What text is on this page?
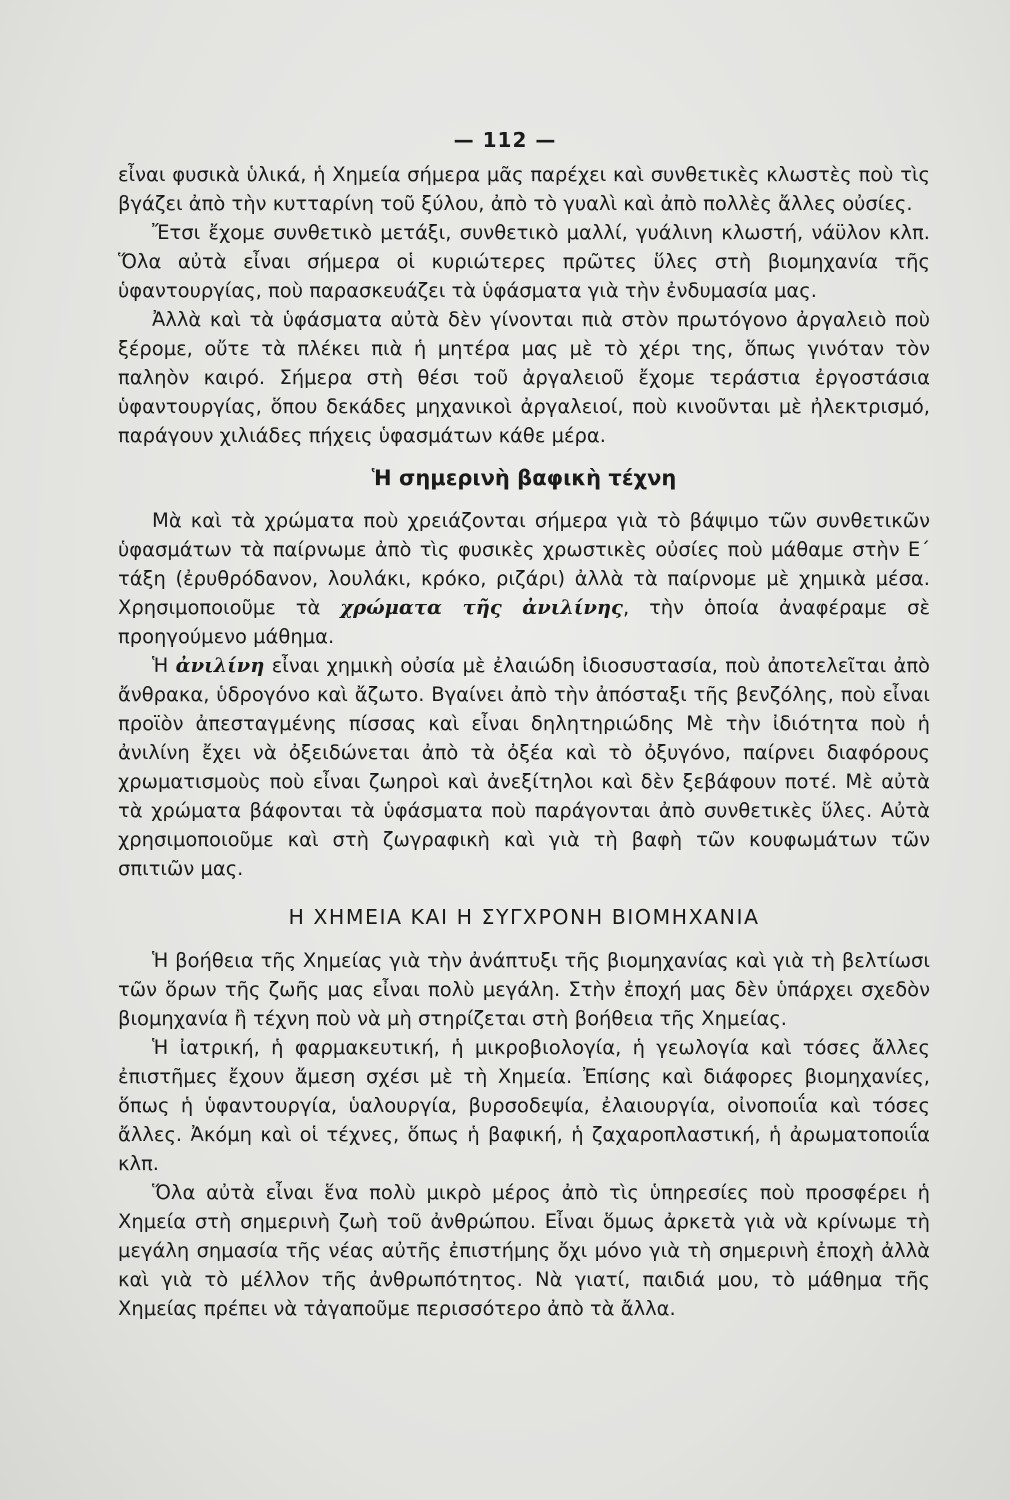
— 112 —

εἶναι φυσικὰ ὑλικά, ἡ Χημεία σήμερα μᾶς παρέχει καὶ συνθετικὲς κλωστὲς ποὺ τὶς βγάζει ἀπὸ τὴν κυτταρίνη τοῦ ξύλου, ἀπὸ τὸ γυαλὶ καὶ ἀπὸ πολλὲς ἄλλες οὐσίες.

Ἔτσι ἔχομε συνθετικὸ μετάξι, συνθετικὸ μαλλί, γυάλινη κλωστή, νάϋλον κλπ. Ὅλα αὐτὰ εἶναι σήμερα οἱ κυριώτερες πρῶτες ὕλες στὴ βιομηχανία τῆς ὑφαντουργίας, ποὺ παρασκευάζει τὰ ὑφάσματα γιὰ τὴν ἐνδυμασία μας.

Ἀλλὰ καὶ τὰ ὑφάσματα αὐτὰ δὲν γίνονται πιὰ στὸν πρωτόγονο ἀργαλειὸ ποὺ ξέρομε, οὔτε τὰ πλέκει πιὰ ἡ μητέρα μας μὲ τὸ χέρι της, ὅπως γινόταν τὸν παληὸν καιρό. Σήμερα στὴ θέσι τοῦ ἀργαλειοῦ ἔχομε τεράστια ἐργοστάσια ὑφαντουργίας, ὅπου δεκάδες μηχανικοὶ ἀργαλειοί, ποὺ κινοῦνται μὲ ἠλεκτρισμό, παράγουν χιλιάδες πήχεις ὑφασμάτων κάθε μέρα.

Ἡ σημερινὴ βαφικὴ τέχνη

Μὰ καὶ τὰ χρώματα ποὺ χρειάζονται σήμερα γιὰ τὸ βάψιμο τῶν συνθετικῶν ὑφασμάτων τὰ παίρνωμε ἀπὸ τὶς φυσικὲς χρωστικὲς οὐσίες ποὺ μάθαμε στὴν Ε΄ τάξη (ἐρυθρόδανον, λουλάκι, κρόκο, ριζάρι) ἀλλὰ τὰ παίρνομε μὲ χημικὰ μέσα. Χρησιμοποιοῦμε τὰ χρώματα τῆς ἀνιλίνης, τὴν ὁποία ἀναφέραμε σὲ προηγούμενο μάθημα.

Ἡ ἀνιλίνη εἶναι χημικὴ οὐσία μὲ ἐλαιώδη ἰδιοσυστασία, ποὺ ἀποτελεῖται ἀπὸ ἄνθρακα, ὑδρογόνο καὶ ἄζωτο. Βγαίνει ἀπὸ τὴν ἀπόσταξι τῆς βενζόλης, ποὺ εἶναι προϊὸν ἀπεσταγμένης πίσσας καὶ εἶναι δηλητηριώδης Μὲ τὴν ἰδιότητα ποὺ ἡ ἀνιλίνη ἔχει νὰ ὀξειδώνεται ἀπὸ τὰ ὀξέα καὶ τὸ ὀξυγόνο, παίρνει διαφόρους χρωματισμοὺς ποὺ εἶναι ζωηροὶ καὶ ἀνεξίτηλοι καὶ δὲν ξεβάφουν ποτέ. Μὲ αὐτὰ τὰ χρώματα βάφονται τὰ ὑφάσματα ποὺ παράγονται ἀπὸ συνθετικὲς ὕλες. Αὐτὰ χρησιμοποιοῦμε καὶ στὴ ζωγραφικὴ καὶ γιὰ τὴ βαφὴ τῶν κουφωμάτων τῶν σπιτιῶν μας.

Η ΧΗΜΕΙΑ ΚΑΙ Η ΣΥΓΧΡΟΝΗ ΒΙΟΜΗΧΑΝΙΑ

Ἡ βοήθεια τῆς Χημείας γιὰ τὴν ἀνάπτυξι τῆς βιομηχανίας καὶ γιὰ τὴ βελτίωσι τῶν ὅρων τῆς ζωῆς μας εἶναι πολὺ μεγάλη. Στὴν ἐποχή μας δὲν ὑπάρχει σχεδὸν βιομηχανία ἢ τέχνη ποὺ νὰ μὴ στηρίζεται στὴ βοήθεια τῆς Χημείας.

Ἡ ἰατρική, ἡ φαρμακευτική, ἡ μικροβιολογία, ἡ γεωλογία καὶ τόσες ἄλλες ἐπιστῆμες ἔχουν ἄμεση σχέσι μὲ τὴ Χημεία. Ἐπίσης καὶ διάφορες βιομηχανίες, ὅπως ἡ ὑφαντουργία, ὑαλουργία, βυρσοδεψία, ἐλαιουργία, οἰνοποιΐα καὶ τόσες ἄλλες. Ἀκόμη καὶ οἱ τέχνες, ὅπως ἡ βαφική, ἡ ζαχαροπλαστική, ἡ ἀρωματοποιΐα κλπ.

Ὅλα αὐτὰ εἶναι ἕνα πολὺ μικρὸ μέρος ἀπὸ τὶς ὑπηρεσίες ποὺ προσφέρει ἡ Χημεία στὴ σημερινὴ ζωὴ τοῦ ἀνθρώπου. Εἶναι ὅμως ἀρκετὰ γιὰ νὰ κρίνωμε τὴ μεγάλη σημασία τῆς νέας αὐτῆς ἐπιστήμης ὄχι μόνο γιὰ τὴ σημερινὴ ἐποχὴ ἀλλὰ καὶ γιὰ τὸ μέλλον τῆς ἀνθρωπότητος. Νὰ γιατί, παιδιά μου, τὸ μάθημα τῆς Χημείας πρέπει νὰ τἀγαποῦμε περισσότερο ἀπὸ τὰ ἄλλα.
